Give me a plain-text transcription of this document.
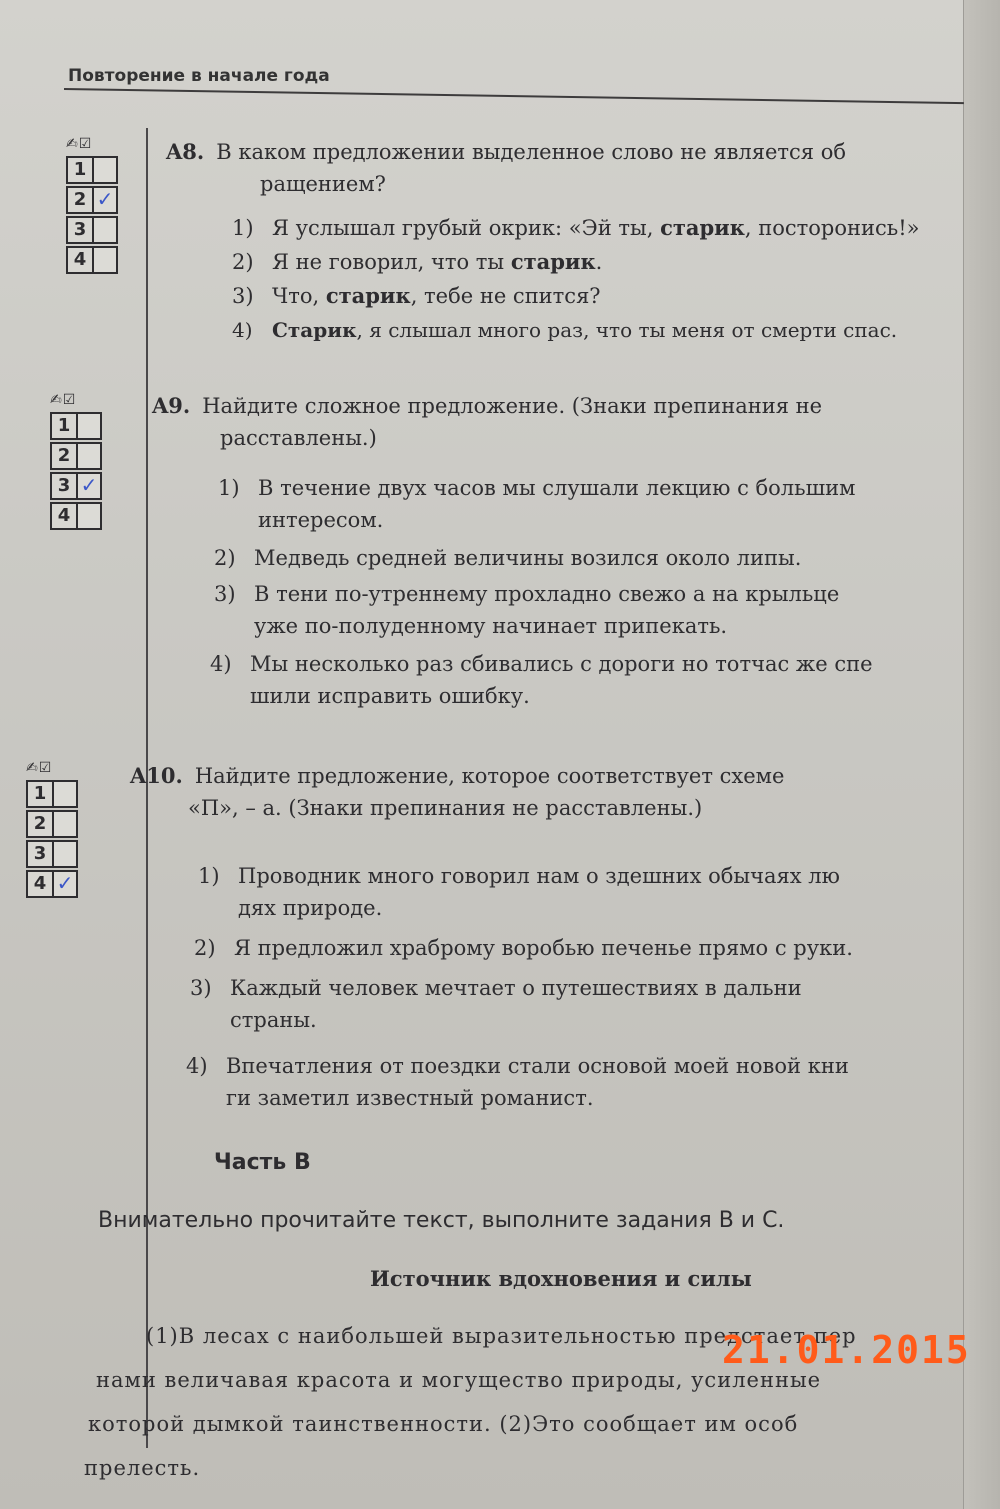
Повторение в начале года
✍☑
1
2 ✓
3
4
A8. В каком предложении выделенное слово не является об
ращением?
1) Я услышал грубый окрик: «Эй ты, старик, посторонись!»
2) Я не говорил, что ты старик.
3) Что, старик, тебе не спится?
4) Старик, я слышал много раз, что ты меня от смерти спас.
✍☑
1
2
3 ✓
4
A9. Найдите сложное предложение. (Знаки препинания не
расставлены.)
1) В течение двух часов мы слушали лекцию с большим
интересом.
2) Медведь средней величины возился около липы.
3) В тени по-утреннему прохладно свежо а на крыльце
уже по-полуденному начинает припекать.
4) Мы несколько раз сбивались с дороги но тотчас же спе
шили исправить ошибку.
✍☑
1
2
3
4 ✓
A10. Найдите предложение, которое соответствует схеме
«П», – а. (Знаки препинания не расставлены.)
1) Проводник много говорил нам о здешних обычаях лю
дях природе.
2) Я предложил храброму воробью печенье прямо с руки.
3) Каждый человек мечтает о путешествиях в дальни
страны.
4) Впечатления от поездки стали основой моей новой кни
ги заметил известный романист.
Часть В
Внимательно прочитайте текст, выполните задания В и С.
Источник вдохновения и силы
(1)В лесах с наибольшей выразительностью предстает пер
нами величавая красота и могущество природы, усиленные
которой дымкой таинственности. (2)Это сообщает им особ
прелесть.
21.01.2015
